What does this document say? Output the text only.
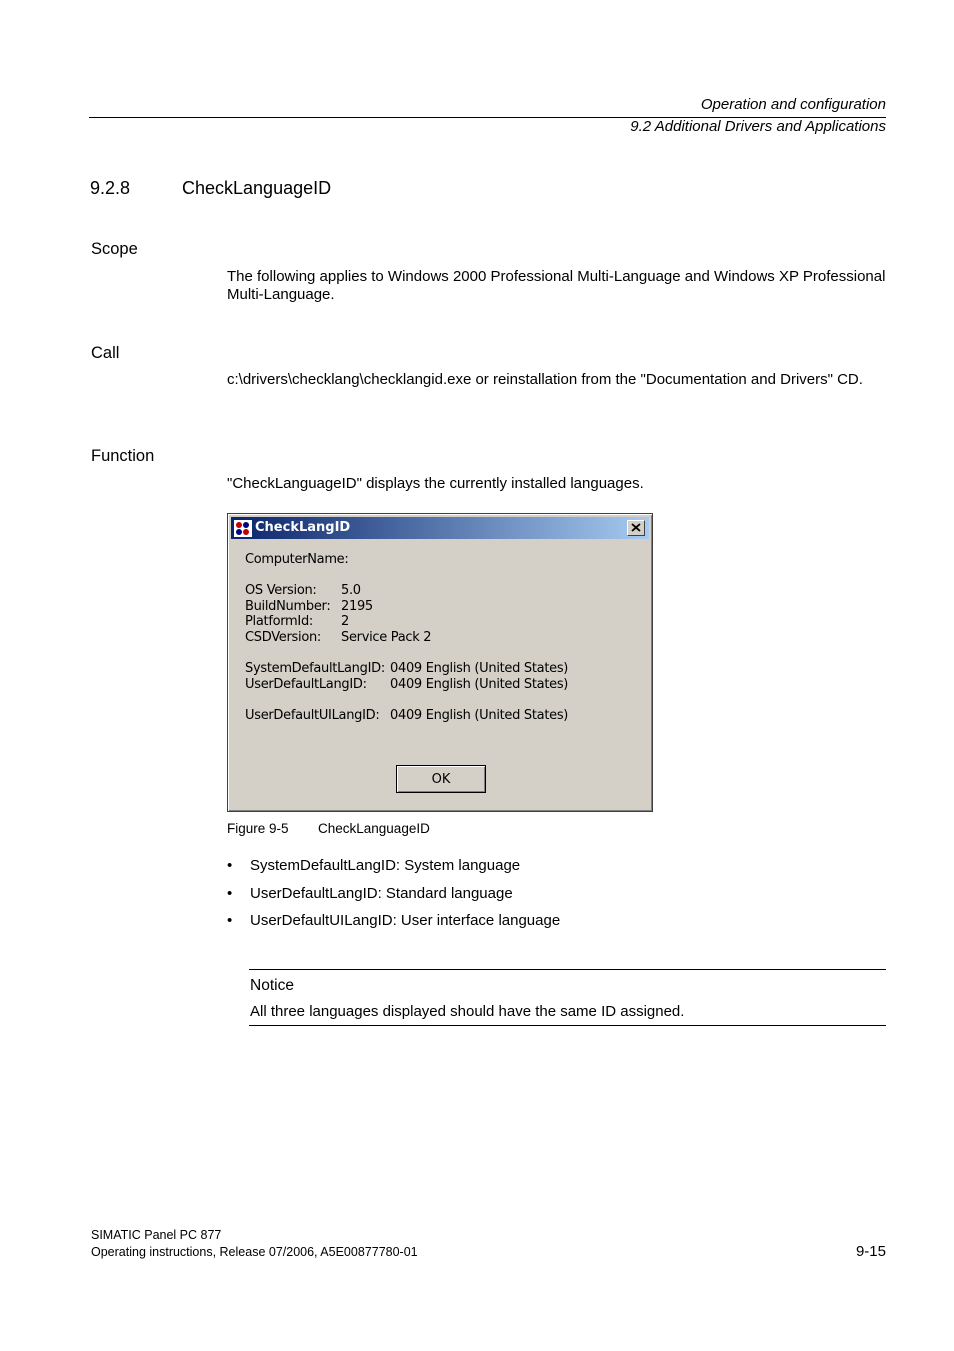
Operation and configuration
9.2 Additional Drivers and Applications
9.2.8	CheckLanguageID
Scope
The following applies to Windows 2000 Professional Multi-Language and Windows XP Professional Multi-Language.
Call
c:\drivers\checklang\checklangid.exe or reinstallation from the "Documentation and Drivers" CD.
Function
"CheckLanguageID" displays the currently installed languages.
CheckLangID
ComputerName:
OS Version: 5.0
BuildNumber: 2195
PlatformId: 2
CSDVersion: Service Pack 2
SystemDefaultLangID: 0409 English (United States)
UserDefaultLangID: 0409 English (United States)
UserDefaultUILangID: 0409 English (United States)
OK
Figure 9-5 CheckLanguageID
• SystemDefaultLangID: System language
• UserDefaultLangID: Standard language
• UserDefaultUILangID: User interface language
Notice
All three languages displayed should have the same ID assigned.
SIMATIC Panel PC 877
Operating instructions, Release 07/2006, A5E00877780-01	9-15
